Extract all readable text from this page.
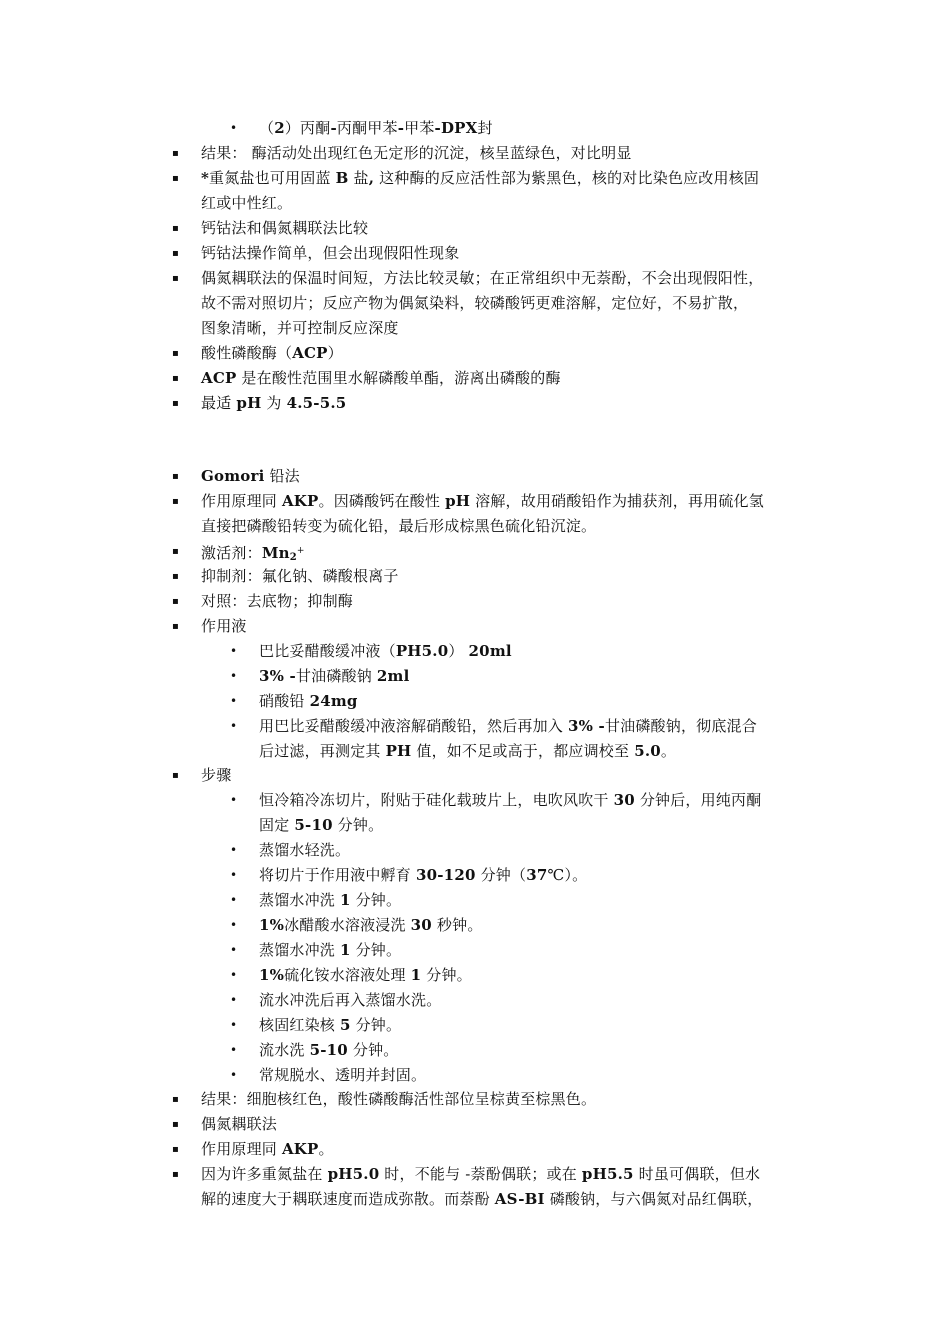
• （2）丙酮-丙酮甲苯-甲苯-DPX封
▪ 结果： 酶活动处出现红色无定形的沉淀，核呈蓝绿色，对比明显
▪ *重氮盐也可用固蓝 B 盐, 这种酶的反应活性部为紫黑色，核的对比染色应改用核固
红或中性红。
▪ 钙钴法和偶氮耦联法比较
▪ 钙钴法操作简单，但会出现假阳性现象
▪ 偶氮耦联法的保温时间短，方法比较灵敏；在正常组织中无萘酚，不会出现假阳性，
故不需对照切片；反应产物为偶氮染料，较磷酸钙更难溶解，定位好，不易扩散，
图象清晰，并可控制反应深度
▪ 酸性磷酸酶（ACP）
▪ ACP 是在酸性范围里水解磷酸单酯，游离出磷酸的酶
▪ 最适 pH 为 4.5-5.5
▪ Gomori 铅法
▪ 作用原理同 AKP。因磷酸钙在酸性 pH 溶解，故用硝酸铅作为捕获剂，再用硫化氢
直接把磷酸铅转变为硫化铅，最后形成棕黑色硫化铅沉淀。
▪ 激活剂：$Mn_2^+$
▪ 抑制剂：氟化钠、磷酸根离子
▪ 对照：去底物；抑制酶
▪ 作用液
• 巴比妥醋酸缓冲液（PH5.0） 20ml
• 3% -甘油磷酸钠 2ml
• 硝酸铅 24mg
• 用巴比妥醋酸缓冲液溶解硝酸铅，然后再加入 3% -甘油磷酸钠，彻底混合
后过滤，再测定其 PH 值，如不足或高于，都应调校至 5.0。
▪ 步骤
• 恒冷箱冷冻切片，附贴于硅化载玻片上，电吹风吹干 30 分钟后，用纯丙酮
固定 5-10 分钟。
• 蒸馏水轻洗。
• 将切片于作用液中孵育 30-120 分钟（37℃）。
• 蒸馏水冲洗 1 分钟。
• 1%冰醋酸水溶液浸洗 30 秒钟。
• 蒸馏水冲洗 1 分钟。
• 1%硫化铵水溶液处理 1 分钟。
• 流水冲洗后再入蒸馏水洗。
• 核固红染核 5 分钟。
• 流水洗 5-10 分钟。
• 常规脱水、透明并封固。
▪ 结果：细胞核红色，酸性磷酸酶活性部位呈棕黄至棕黑色。
▪ 偶氮耦联法
▪ 作用原理同 AKP。
▪ 因为许多重氮盐在 pH5.0 时，不能与 -萘酚偶联；或在 pH5.5 时虽可偶联，但水
解的速度大于耦联速度而造成弥散。而萘酚 AS-BI 磷酸钠，与六偶氮对品红偶联，
